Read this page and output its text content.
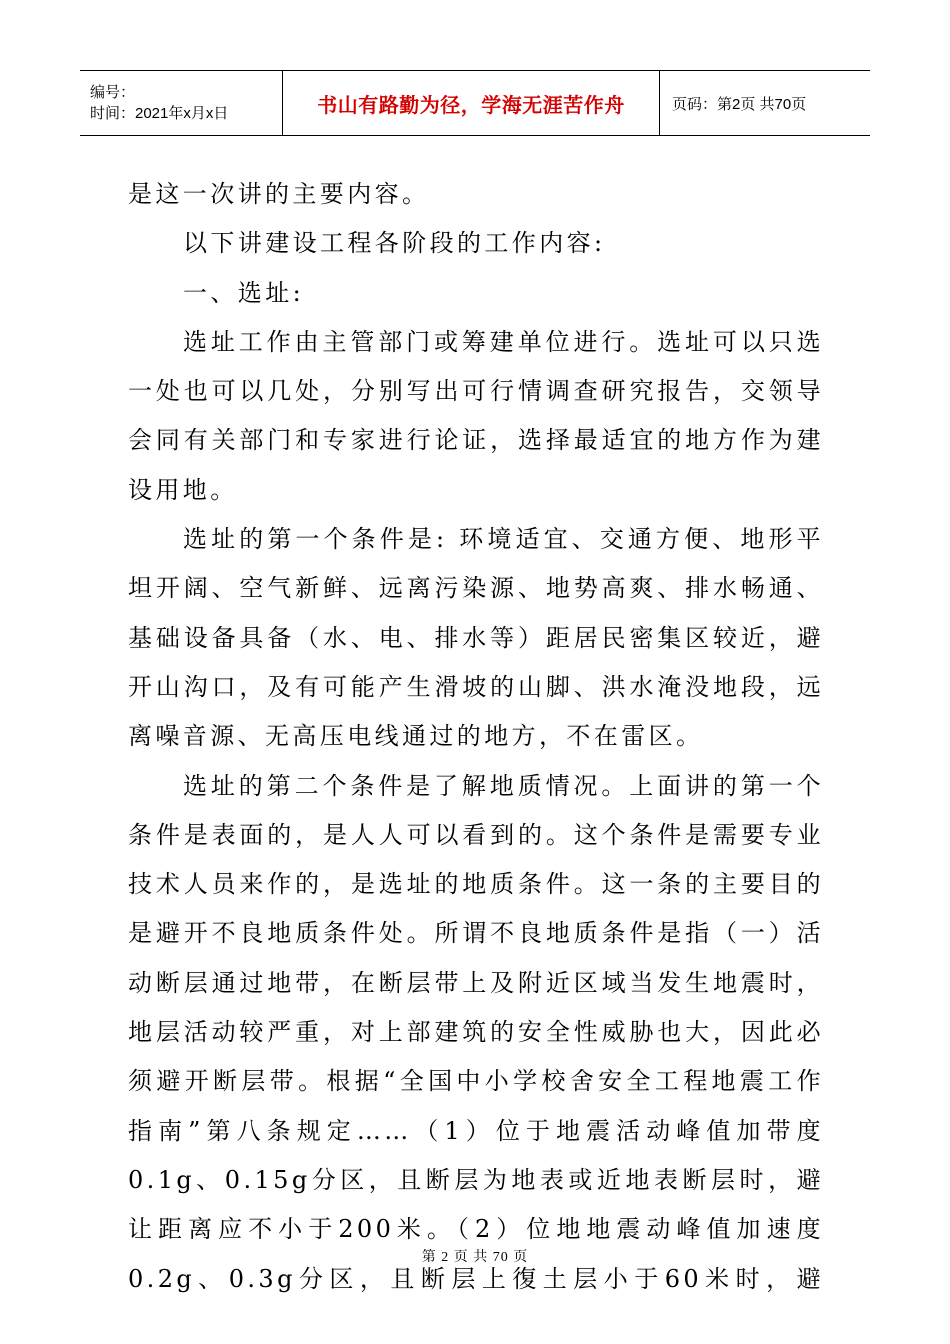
编号：
时间：2021年x月x日	书山有路勤为径，学海无涯苦作舟	页码：第2页 共70页

是这一次讲的主要内容。

以下讲建设工程各阶段的工作内容:

一、选址:

选址工作由主管部门或筹建单位进行。选址可以只选一处也可以几处，分别写出可行情调查研究报告，交领导会同有关部门和专家进行论证，选择最适宜的地方作为建设用地。

选址的第一个条件是: 环境适宜、交通方便、地形平坦开阔、空气新鲜、远离污染源、地势高爽、排水畅通、基础设备具备（水、电、排水等）距居民密集区较近，避开山沟口，及有可能产生滑坡的山脚、洪水淹没地段，远离噪音源、无高压电线通过的地方，不在雷区。

选址的第二个条件是了解地质情况。上面讲的第一个条件是表面的，是人人可以看到的。这个条件是需要专业技术人员来作的，是选址的地质条件。这一条的主要目的是避开不良地质条件处。所谓不良地质条件是指（一）活动断层通过地带，在断层带上及附近区域当发生地震时，地层活动较严重，对上部建筑的安全性威胁也大，因此必须避开断层带。根据“全国中小学校舍安全工程地震工作指南”第八条规定……（1）位于地震活动峰值加带度0.1g、0.15g分区，且断层为地表或近地表断层时，避让距离应不小于200米。（2）位地地震动峰值加速度0.2g、0.3g分区，且断层上復土层小于60米时，避

第 2 页 共 70 页
